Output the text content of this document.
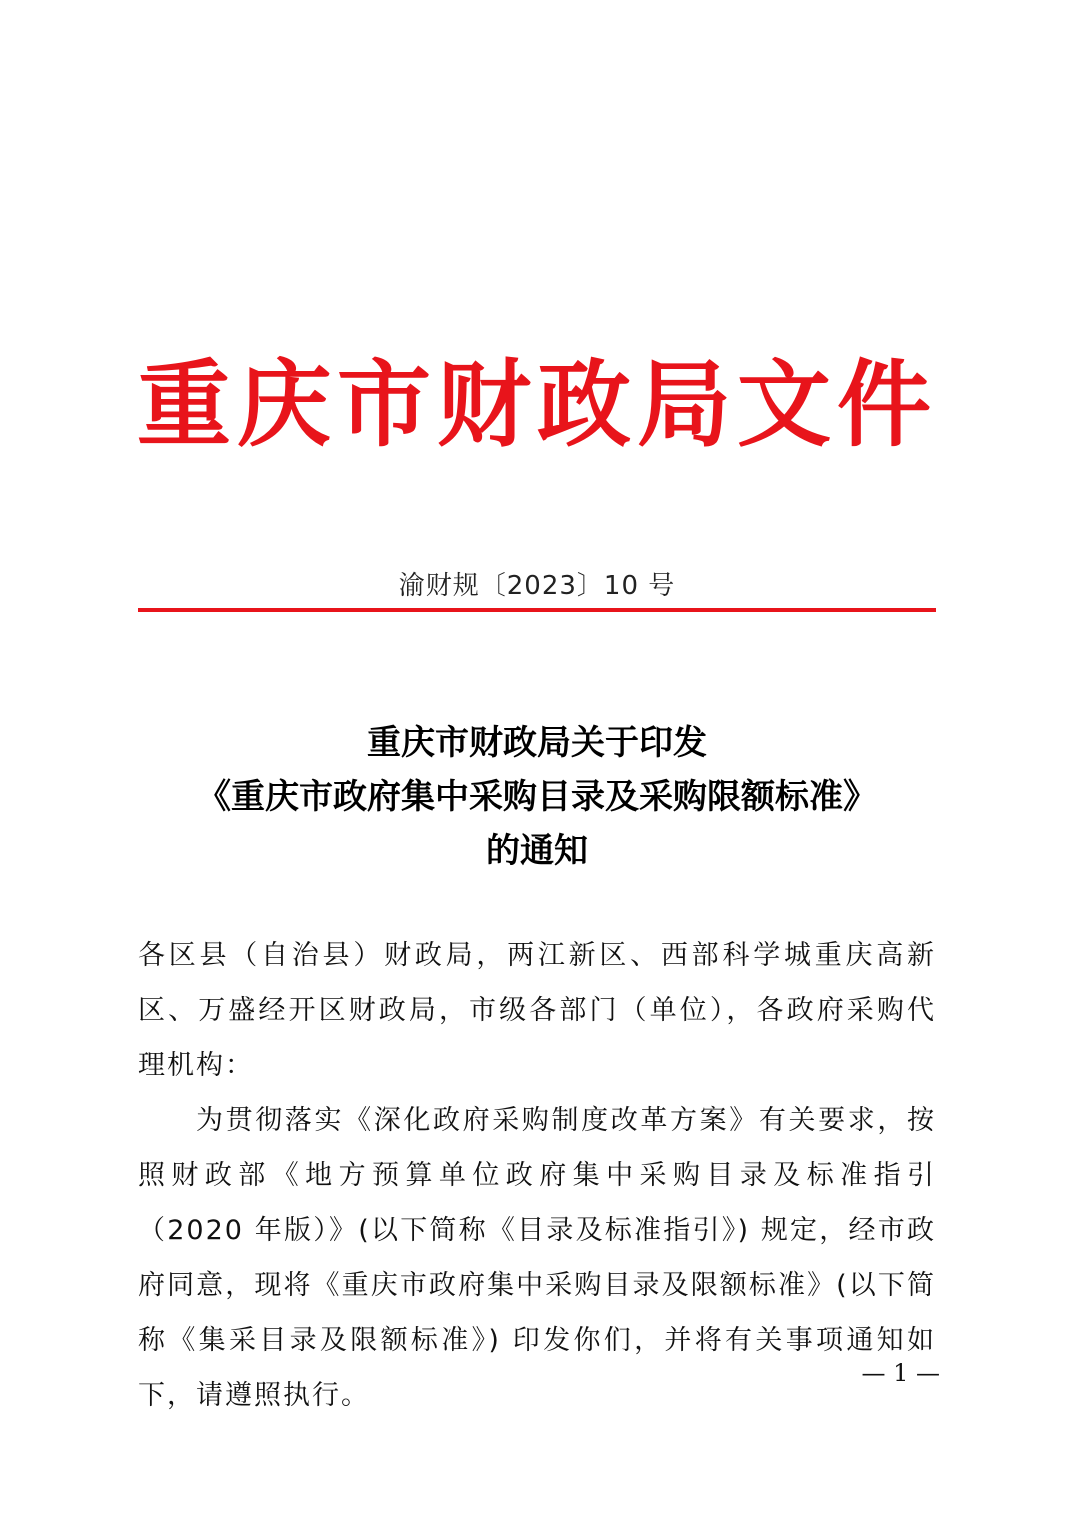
重庆市财政局文件
渝财规〔2023〕10 号
重庆市财政局关于印发
《重庆市政府集中采购目录及采购限额标准》
的通知

各区县（自治县）财政局，两江新区、西部科学城重庆高新区、万盛经开区财政局，市级各部门（单位），各政府采购代理机构：

为贯彻落实《深化政府采购制度改革方案》有关要求，按照财政部《地方预算单位政府集中采购目录及标准指引（2020 年版）》(以下简称《目录及标准指引》) 规定，经市政府同意，现将《重庆市政府集中采购目录及限额标准》(以下简称《集采目录及限额标准》) 印发你们，并将有关事项通知如下，请遵照执行。

— 1 —
